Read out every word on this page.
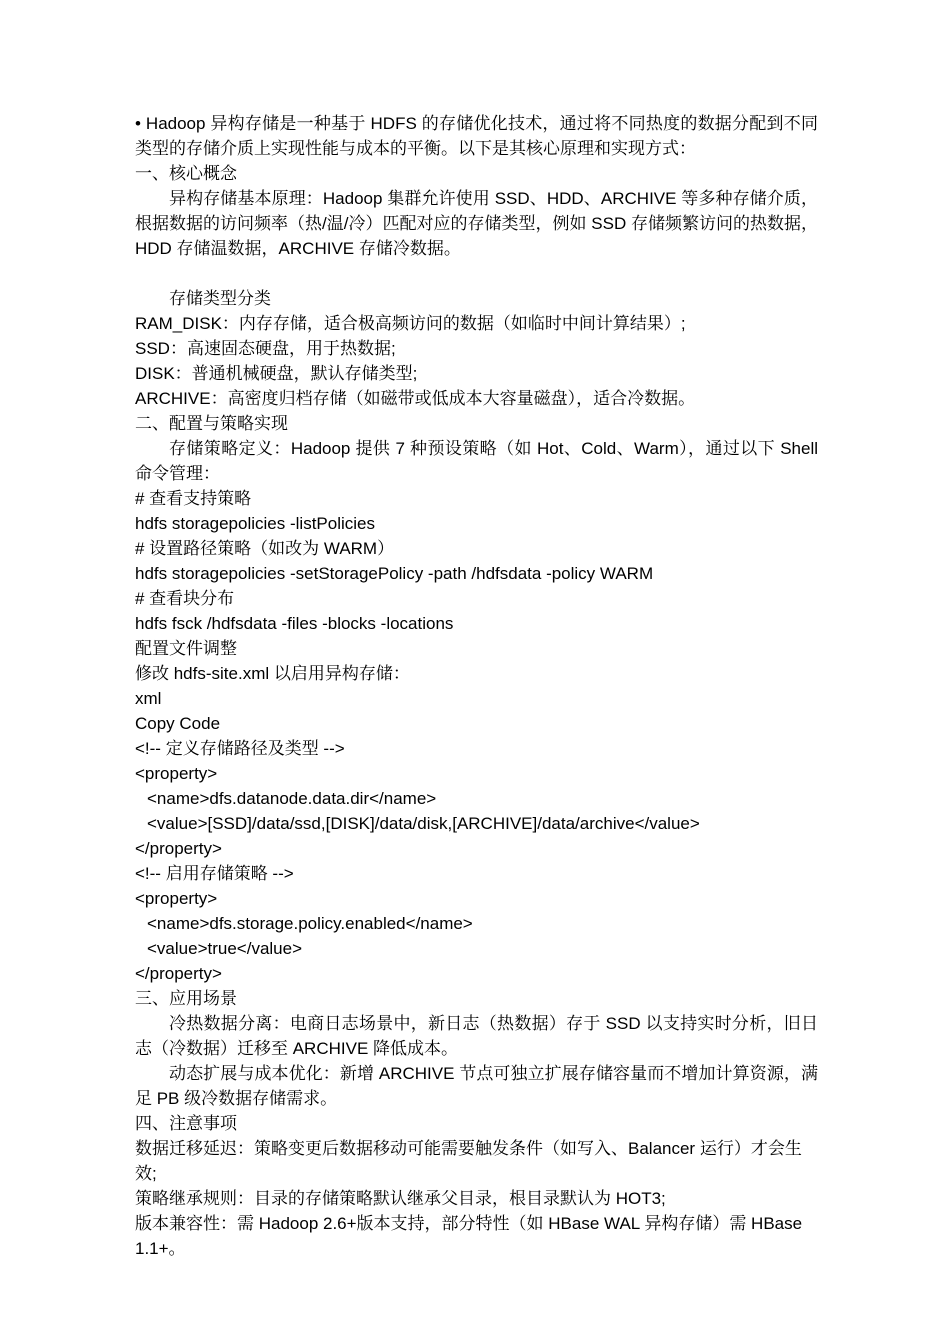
• Hadoop 异构存储是一种基于 HDFS 的存储优化技术，通过将不同热度的数据分配到不同类型的存储介质上实现性能与成本的平衡。以下是其核心原理和实现方式：
一、核心概念
异构存储基本原理：Hadoop 集群允许使用 SSD、HDD、ARCHIVE 等多种存储介质，根据数据的访问频率（热/温/冷）匹配对应的存储类型，例如 SSD 存储频繁访问的热数据，HDD 存储温数据，ARCHIVE 存储冷数据。
存储类型分类
RAM_DISK：内存存储，适合极高频访问的数据（如临时中间计算结果）;
SSD：高速固态硬盘，用于热数据;
DISK：普通机械硬盘，默认存储类型;
ARCHIVE：高密度归档存储（如磁带或低成本大容量磁盘），适合冷数据。
二、配置与策略实现
存储策略定义：Hadoop 提供 7 种预设策略（如 Hot、Cold、Warm），通过以下 Shell 命令管理：
# 查看支持策略
hdfs storagepolicies -listPolicies
# 设置路径策略（如改为 WARM）
hdfs storagepolicies -setStoragePolicy -path /hdfsdata -policy WARM
# 查看块分布
hdfs fsck /hdfsdata -files -blocks -locations
配置文件调整
修改 hdfs-site.xml 以启用异构存储：
xml
Copy Code
<!-- 定义存储路径及类型 -->
<property>
<name>dfs.datanode.data.dir</name>
<value>[SSD]/data/ssd,[DISK]/data/disk,[ARCHIVE]/data/archive</value>
</property>
<!-- 启用存储策略 -->
<property>
<name>dfs.storage.policy.enabled</name>
<value>true</value>
</property>
三、应用场景
冷热数据分离：电商日志场景中，新日志（热数据）存于 SSD 以支持实时分析，旧日志（冷数据）迁移至 ARCHIVE 降低成本。
动态扩展与成本优化：新增 ARCHIVE 节点可独立扩展存储容量而不增加计算资源，满足 PB 级冷数据存储需求。
四、注意事项
数据迁移延迟：策略变更后数据移动可能需要触发条件（如写入、Balancer 运行）才会生效;
策略继承规则：目录的存储策略默认继承父目录，根目录默认为 HOT3;
版本兼容性：需 Hadoop 2.6+版本支持，部分特性（如 HBase WAL 异构存储）需 HBase 1.1+。
